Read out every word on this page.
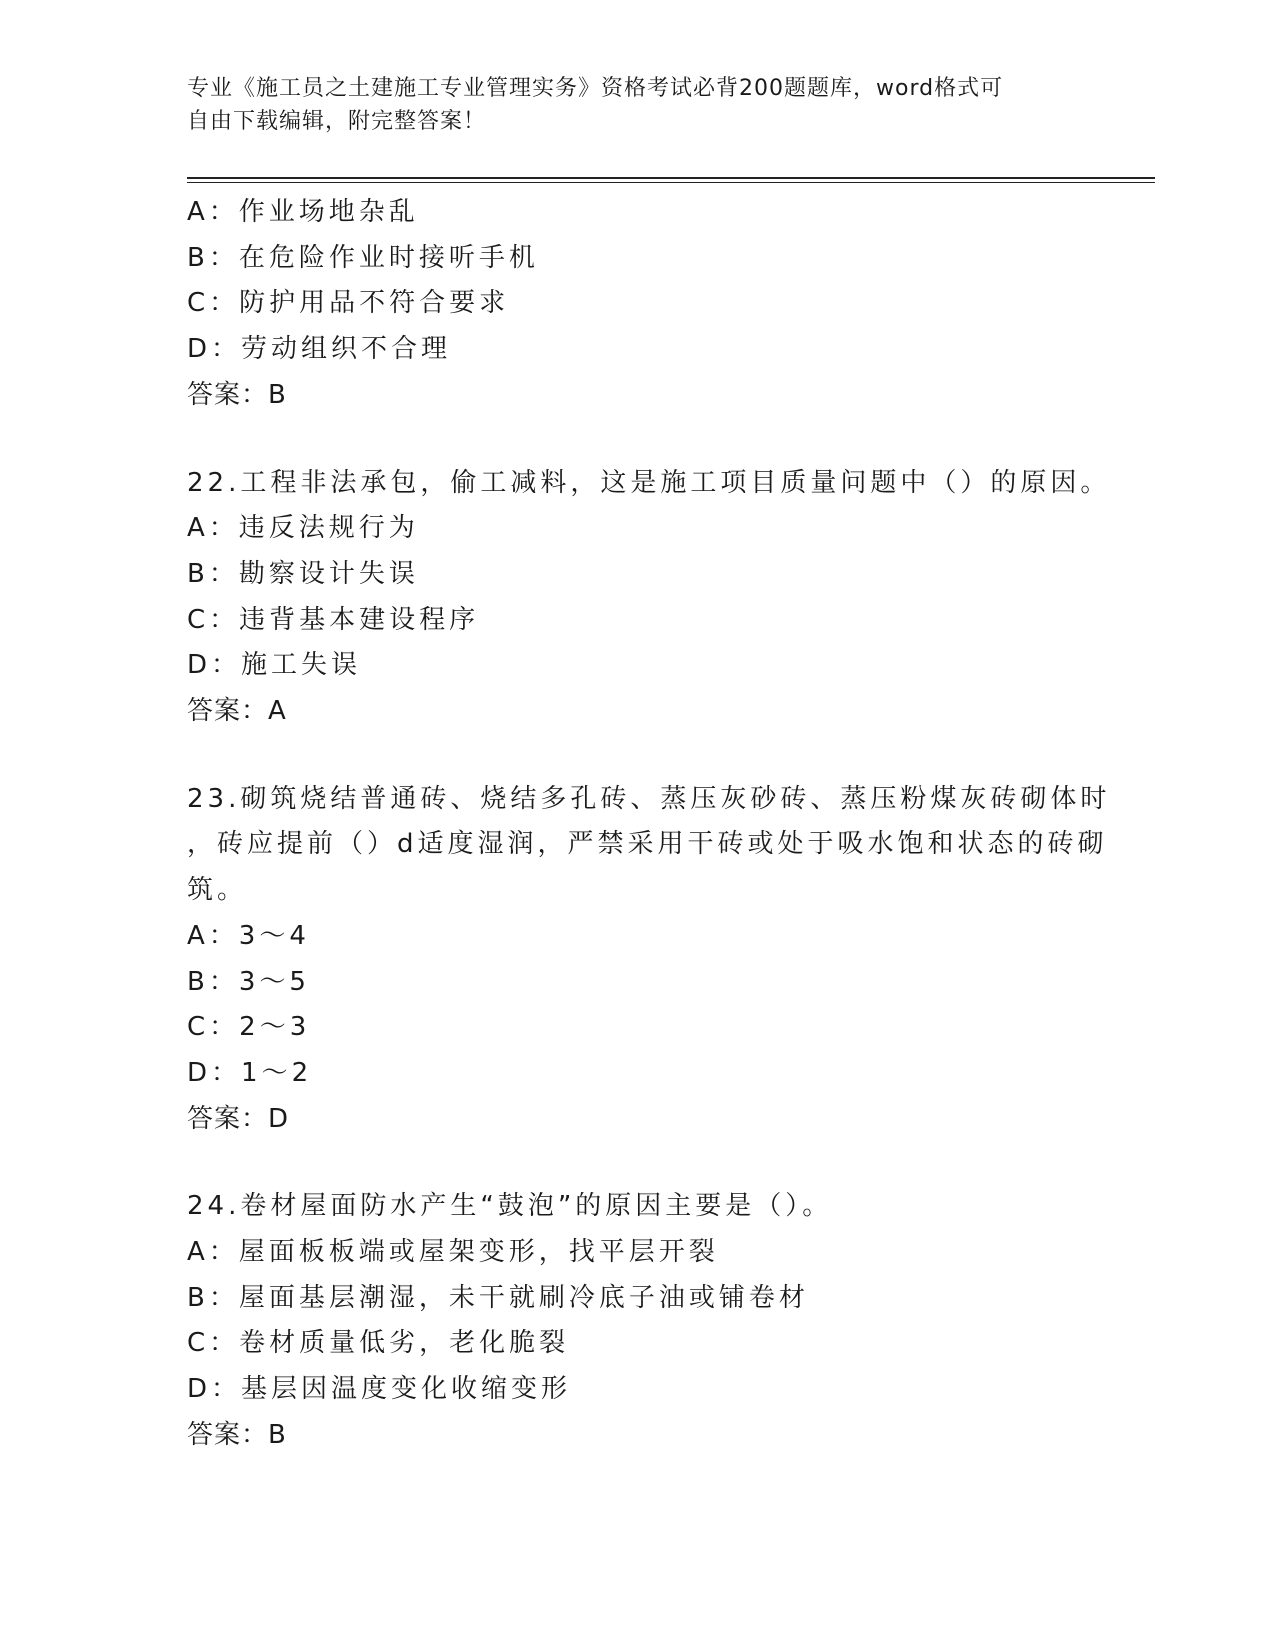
专业《施工员之土建施工专业管理实务》资格考试必背200题题库，word格式可
自由下载编辑，附完整答案！
A：作业场地杂乱
B：在危险作业时接听手机
C：防护用品不符合要求
D：劳动组织不合理
答案：B
22.工程非法承包，偷工减料，这是施工项目质量问题中（）的原因。
A：违反法规行为
B：勘察设计失误
C：违背基本建设程序
D：施工失误
答案：A
23.砌筑烧结普通砖、烧结多孔砖、蒸压灰砂砖、蒸压粉煤灰砖砌体时
，砖应提前（）d适度湿润，严禁采用干砖或处于吸水饱和状态的砖砌
筑。
A：3～4
B：3～5
C：2～3
D：1～2
答案：D
24.卷材屋面防水产生“鼓泡”的原因主要是（）。
A：屋面板板端或屋架变形，找平层开裂
B：屋面基层潮湿，未干就刷冷底子油或铺卷材
C：卷材质量低劣，老化脆裂
D：基层因温度变化收缩变形
答案：B
